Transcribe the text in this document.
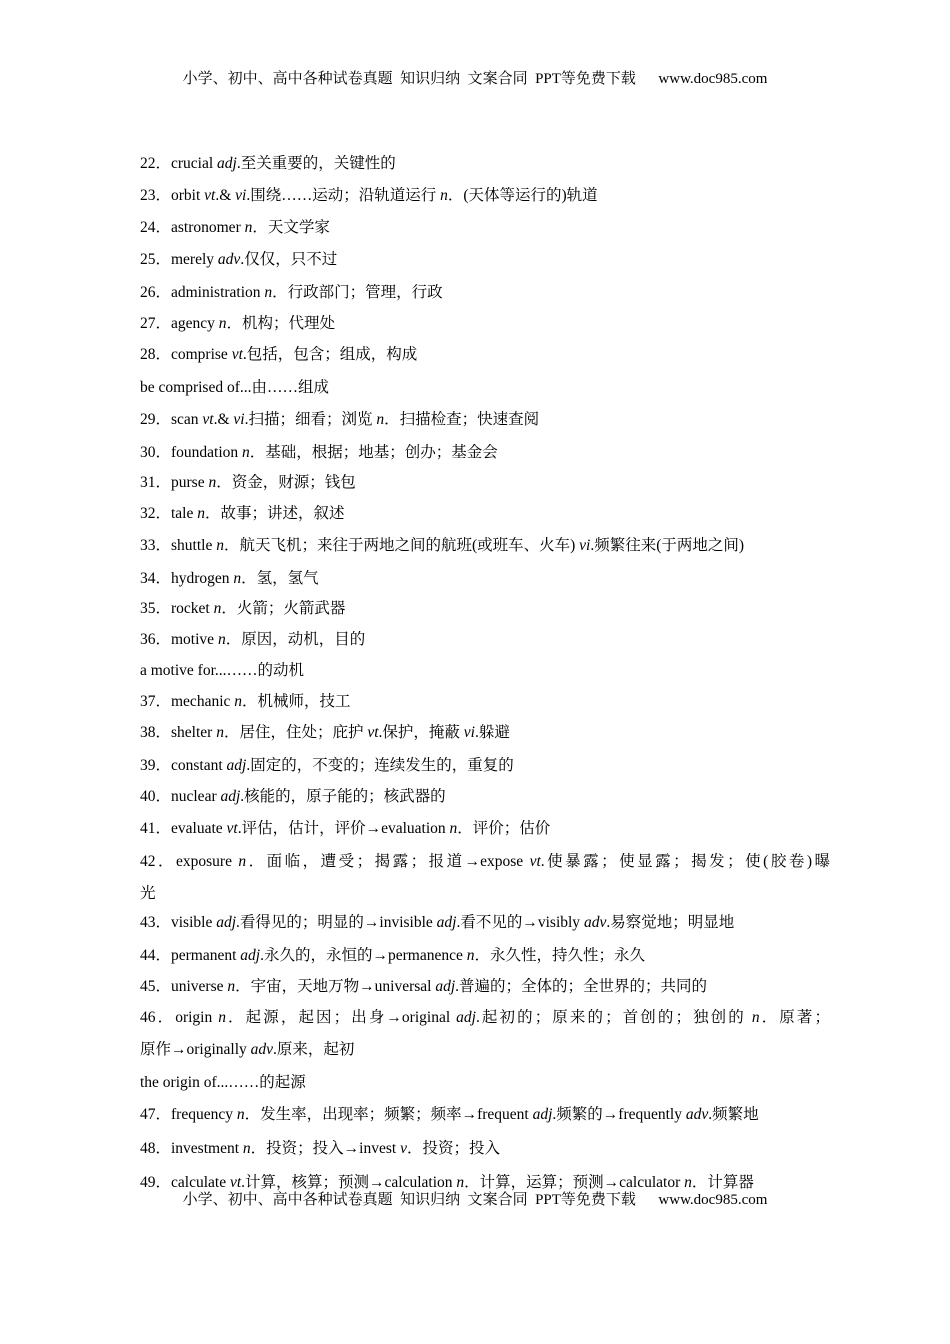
小学、初中、高中各种试卷真题  知识归纳  文案合同  PPT等免费下载      www.doc985.com
22．crucial adj.至关重要的，关键性的
23．orbit vt.& vi.围绕……运动；沿轨道运行 n．(天体等运行的)轨道
24．astronomer n．天文学家
25．merely adv.仅仅，只不过
26．administration n．行政部门；管理，行政
27．agency n．机构；代理处
28．comprise vt.包括，包含；组成，构成
be comprised of...由……组成
29．scan vt.& vi.扫描；细看；浏览 n．扫描检查；快速查阅
30．foundation n．基础，根据；地基；创办；基金会
31．purse n．资金，财源；钱包
32．tale n．故事；讲述，叙述
33．shuttle n．航天飞机；来往于两地之间的航班(或班车、火车) vi.频繁往来(于两地之间)
34．hydrogen n．氢，氢气
35．rocket n．火箭；火箭武器
36．motive n．原因，动机，目的
a motive for...……的动机
37．mechanic n．机械师，技工
38．shelter n．居住，住处；庇护 vt.保护，掩蔽 vi.躲避
39．constant adj.固定的，不变的；连续发生的，重复的
40．nuclear adj.核能的，原子能的；核武器的
41．evaluate vt.评估，估计，评价→evaluation n．评价；估价
42．exposure n．面临，遭受；揭露；报道→expose vt.使暴露；使显露；揭发；使(胶卷)曝
光
43．visible adj.看得见的；明显的→invisible adj.看不见的→visibly adv.易察觉地；明显地
44．permanent adj.永久的，永恒的→permanence n．永久性，持久性；永久
45．universe n．宇宙，天地万物→universal adj.普遍的；全体的；全世界的；共同的
46．origin n．起源，起因；出身→original adj.起初的；原来的；首创的；独创的 n．原著；
原作→originally adv.原来，起初
the origin of...……的起源
47．frequency n．发生率，出现率；频繁；频率→frequent adj.频繁的→frequently adv.频繁地
48．investment n．投资；投入→invest v．投资；投入
49．calculate vt.计算，核算；预测→calculation n．计算，运算；预测→calculator n．计算器
小学、初中、高中各种试卷真题  知识归纳  文案合同  PPT等免费下载      www.doc985.com
